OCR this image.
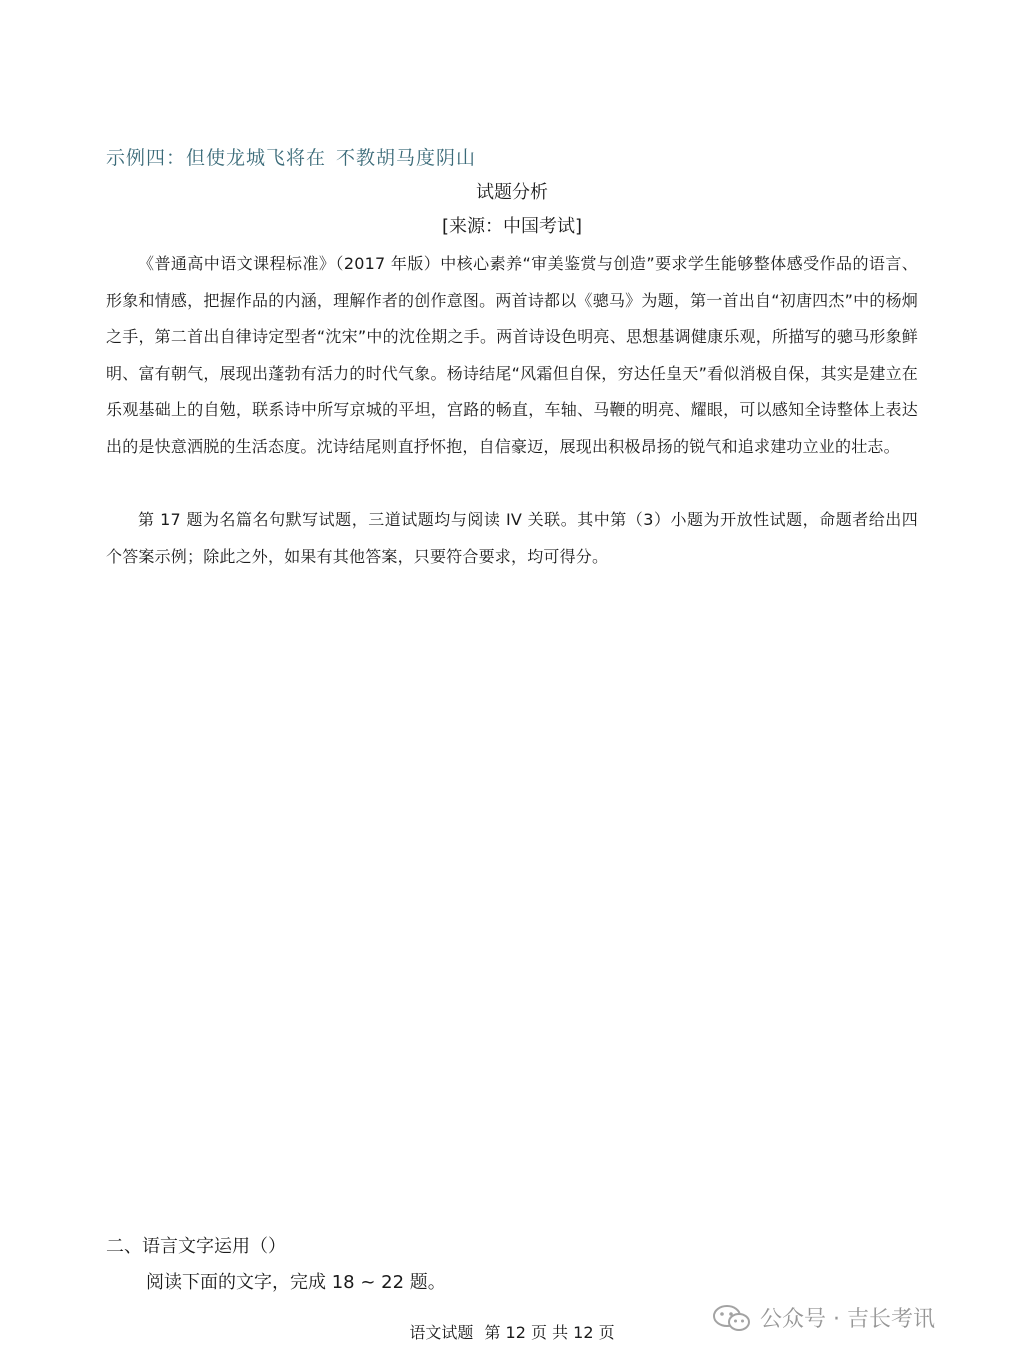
示例四：但使龙城飞将在 不教胡马度阴山
试题分析
[来源：中国考试]
《普通高中语文课程标准》（2017 年版）中核心素养“审美鉴赏与创造”要求学生能够整体感受作品的语言、形象和情感，把握作品的内涵，理解作者的创作意图。两首诗都以《骢马》为题，第一首出自“初唐四杰”中的杨炯之手，第二首出自律诗定型者“沈宋”中的沈佺期之手。两首诗设色明亮、思想基调健康乐观，所描写的骢马形象鲜明、富有朝气，展现出蓬勃有活力的时代气象。杨诗结尾“风霜但自保，穷达任皇天”看似消极自保，其实是建立在乐观基础上的自勉，联系诗中所写京城的平坦，宫路的畅直，车轴、马鞭的明亮、耀眼，可以感知全诗整体上表达出的是快意洒脱的生活态度。沈诗结尾则直抒怀抱，自信豪迈，展现出积极昂扬的锐气和追求建功立业的壮志。
第 17 题为名篇名句默写试题，三道试题均与阅读 IV 关联。其中第（3）小题为开放性试题，命题者给出四个答案示例；除此之外，如果有其他答案，只要符合要求，均可得分。
二、语言文字运用（）
阅读下面的文字，完成 18 ~ 22 题。
语文试题 第 12 页 共 12 页
公众号 · 吉长考讯
